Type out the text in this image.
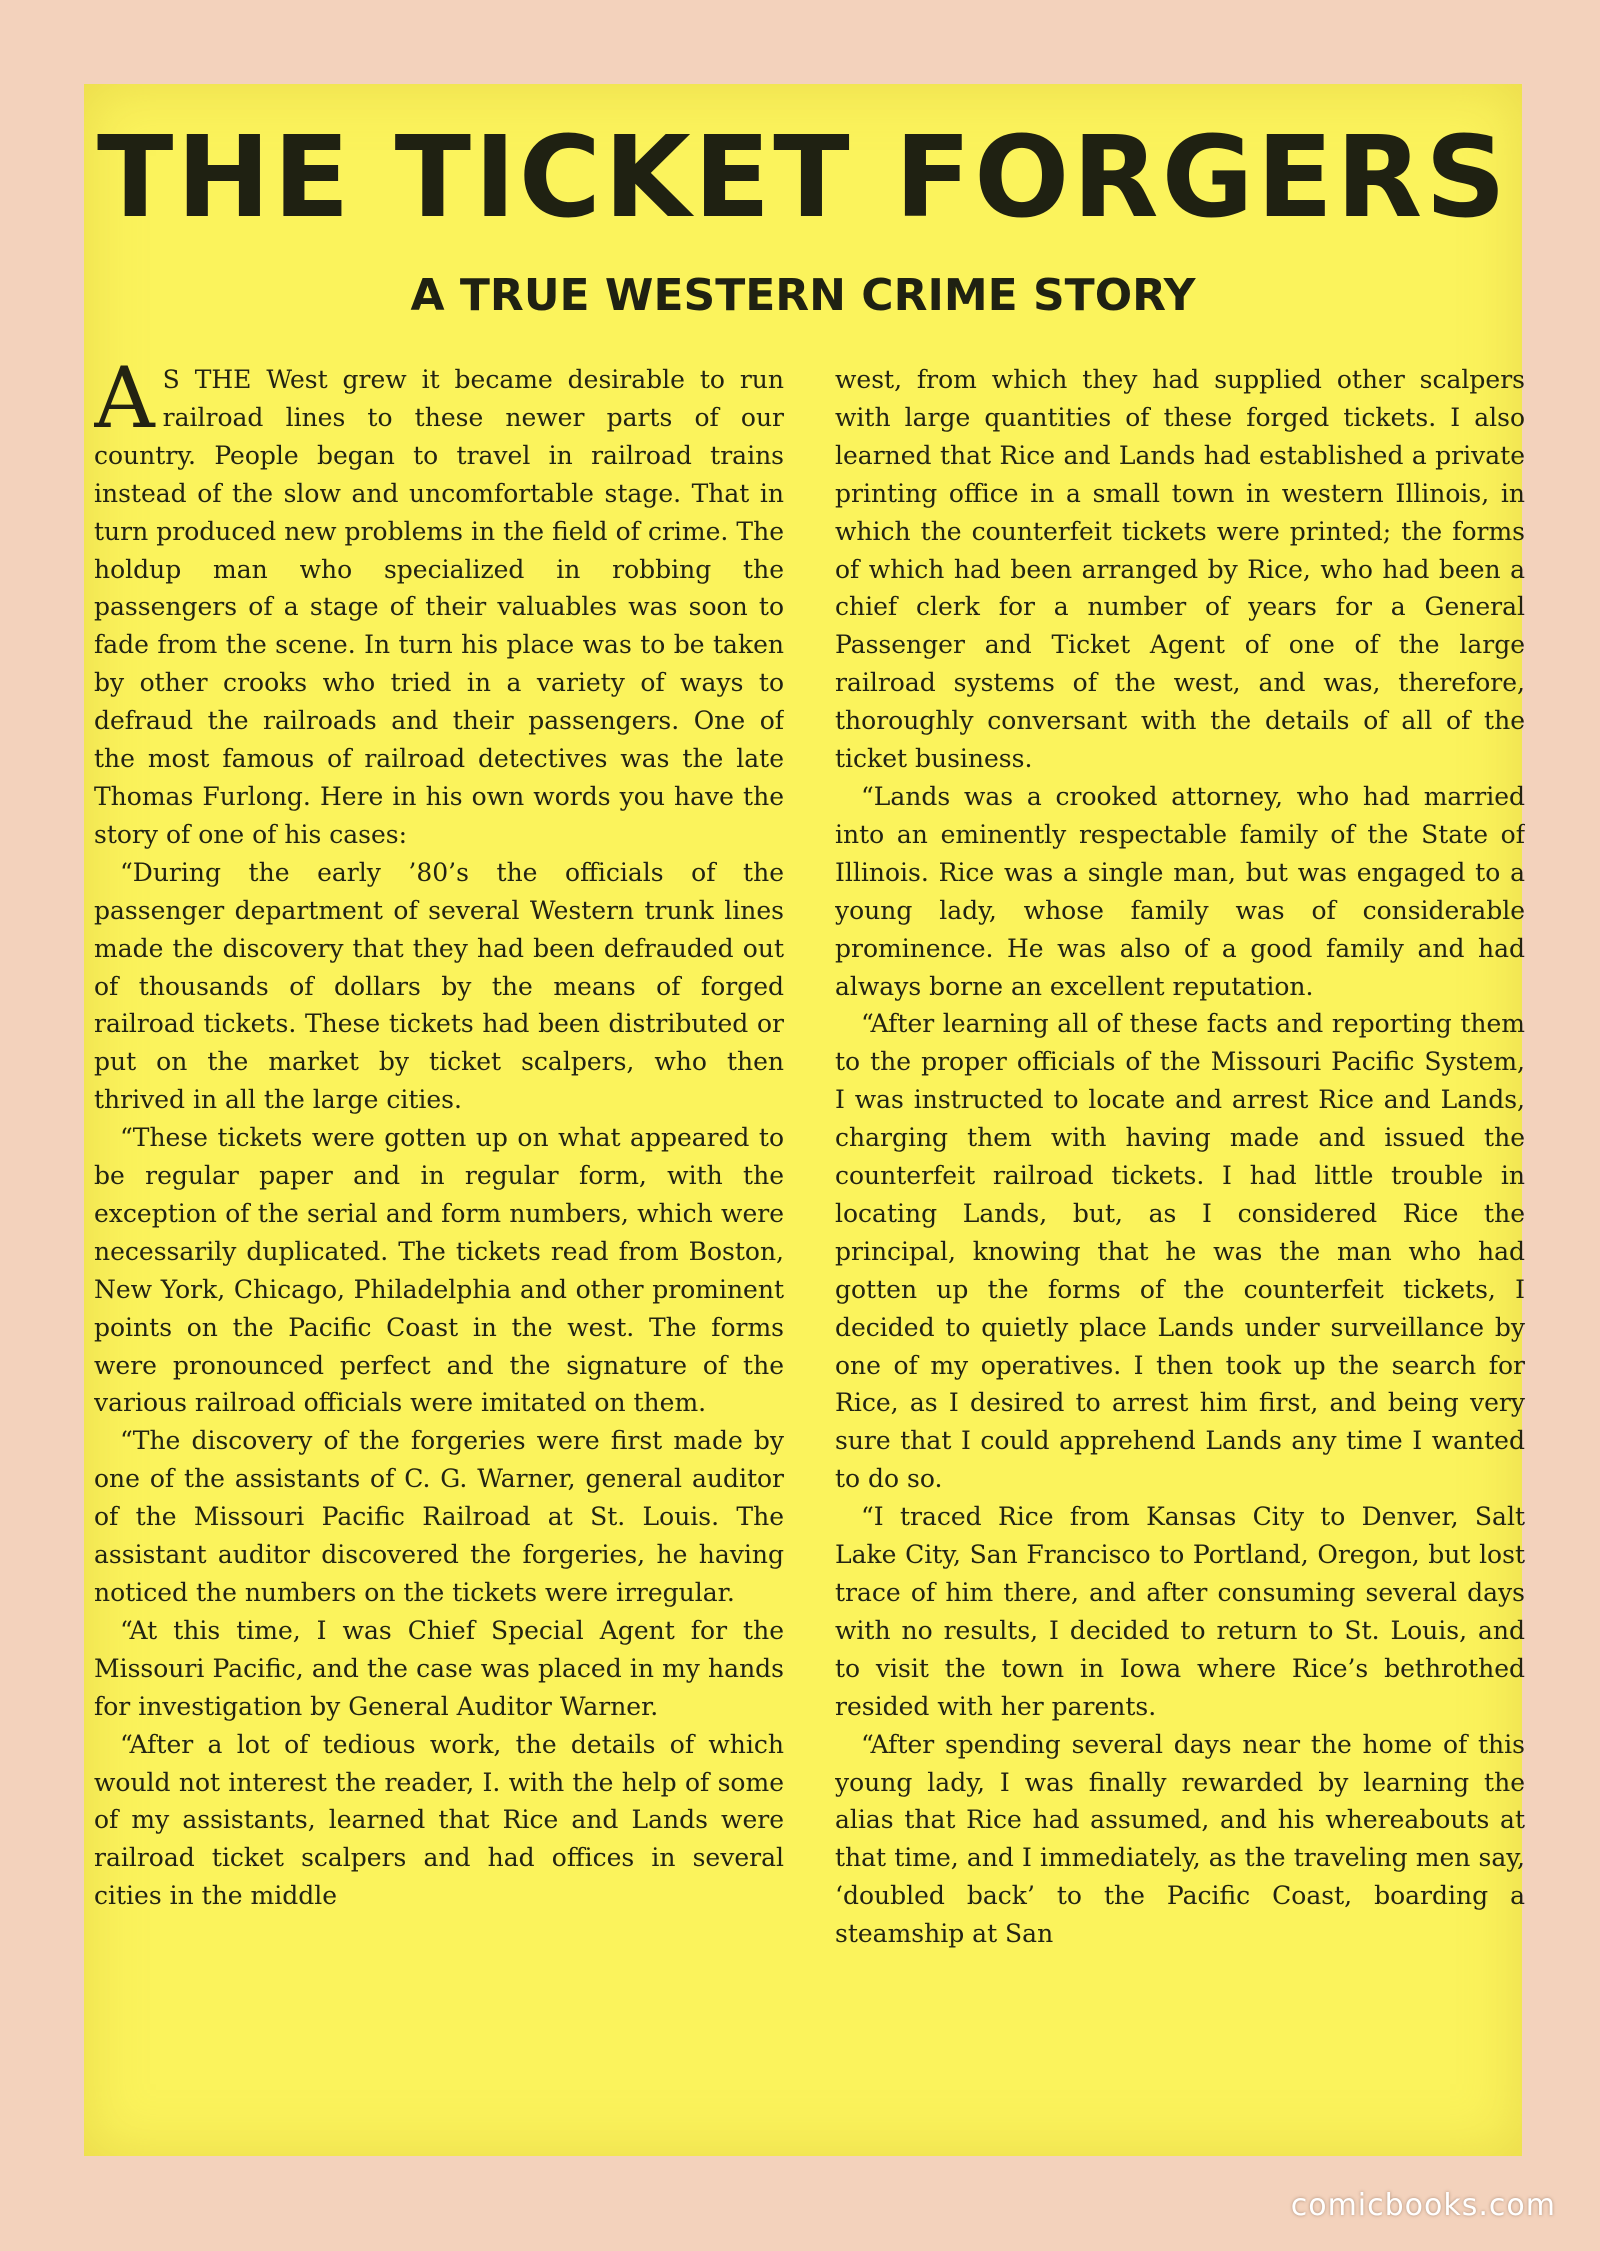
THE TICKET FORGERS
A TRUE WESTERN CRIME STORY

A S THE West grew it became desirable to run railroad lines to these newer parts of our country. People began to travel in railroad trains instead of the slow and uncomfortable stage. That in turn produced new problems in the field of crime. The holdup man who specialized in robbing the passengers of a stage of their valuables was soon to fade from the scene. In turn his place was to be taken by other crooks who tried in a variety of ways to defraud the railroads and their passengers. One of the most famous of railroad detectives was the late Thomas Furlong. Here in his own words you have the story of one of his cases:

“During the early ’80’s the officials of the passenger department of several Western trunk lines made the discovery that they had been defrauded out of thousands of dollars by the means of forged railroad tickets. These tickets had been distributed or put on the market by ticket scalpers, who then thrived in all the large cities.

“These tickets were gotten up on what appeared to be regular paper and in regular form, with the exception of the serial and form numbers, which were necessarily duplicated. The tickets read from Boston, New York, Chicago, Philadelphia and other prominent points on the Pacific Coast in the west. The forms were pronounced perfect and the signature of the various railroad officials were imitated on them.

“The discovery of the forgeries were first made by one of the assistants of C. G. Warner, general auditor of the Missouri Pacific Railroad at St. Louis. The assistant auditor discovered the forgeries, he having noticed the numbers on the tickets were irregular.

“At this time, I was Chief Special Agent for the Missouri Pacific, and the case was placed in my hands for investigation by General Auditor Warner.

“After a lot of tedious work, the details of which would not interest the reader, I. with the help of some of my assistants, learned that Rice and Lands were railroad ticket scalpers and had offices in several cities in the middle

west, from which they had supplied other scalpers with large quantities of these forged tickets. I also learned that Rice and Lands had established a private printing office in a small town in western Illinois, in which the counterfeit tickets were printed; the forms of which had been arranged by Rice, who had been a chief clerk for a number of years for a General Passenger and Ticket Agent of one of the large railroad systems of the west, and was, therefore, thoroughly conversant with the details of all of the ticket business.

“Lands was a crooked attorney, who had married into an eminently respectable family of the State of Illinois. Rice was a single man, but was engaged to a young lady, whose family was of considerable prominence. He was also of a good family and had always borne an excellent reputation.

“After learning all of these facts and reporting them to the proper officials of the Missouri Pacific System, I was instructed to locate and arrest Rice and Lands, charging them with having made and issued the counterfeit railroad tickets. I had little trouble in locating Lands, but, as I considered Rice the principal, knowing that he was the man who had gotten up the forms of the counterfeit tickets, I decided to quietly place Lands under surveillance by one of my operatives. I then took up the search for Rice, as I desired to arrest him first, and being very sure that I could apprehend Lands any time I wanted to do so.

“I traced Rice from Kansas City to Denver, Salt Lake City, San Francisco to Portland, Oregon, but lost trace of him there, and after consuming several days with no results, I decided to return to St. Louis, and to visit the town in Iowa where Rice’s bethrothed resided with her parents.

“After spending several days near the home of this young lady, I was finally rewarded by learning the alias that Rice had assumed, and his whereabouts at that time, and I immediately, as the traveling men say, ‘doubled back’ to the Pacific Coast, boarding a steamship at San

comicbooks.com
